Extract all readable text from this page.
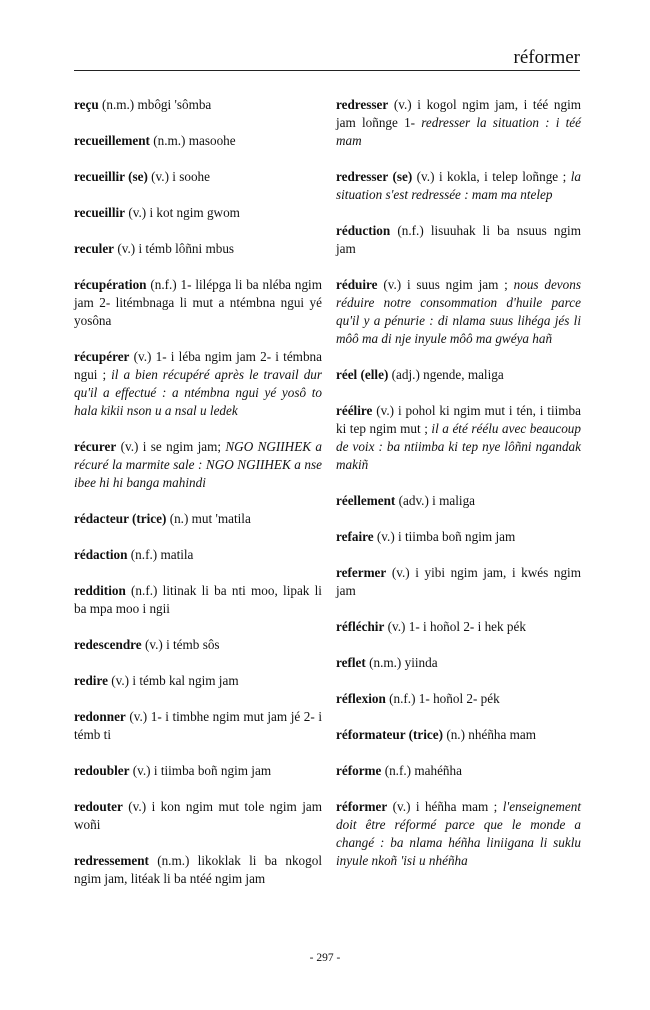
réformer

reçu (n.m.) mbôgi 'sômba

recueillement (n.m.) masoohe

recueillir (se) (v.) i soohe

recueillir (v.) i kot ngim gwom

reculer (v.) i témb lôñni mbus

récupération (n.f.) 1- lilépga li ba nléba ngim jam 2- litémbnaga li mut a ntémbna ngui yé yosôna

récupérer (v.) 1- i léba ngim jam 2- i témbna ngui ; il a bien récupéré après le travail dur qu'il a effectué : a ntémbna ngui yé yosô to hala kikii nson u a nsal u ledek

récurer (v.) i se ngim jam; NGO NGIIHEK a récuré la marmite sale : NGO NGIIHEK a nse ibee hi hi banga mahindi

rédacteur (trice) (n.) mut 'matila

rédaction (n.f.) matila

reddition (n.f.) litinak li ba nti moo, lipak li ba mpa moo i ngii

redescendre (v.) i témb sôs

redire (v.) i témb kal ngim jam

redonner (v.) 1- i timbhe ngim mut jam jé 2- i témb ti

redoubler (v.) i tiimba boñ ngim jam

redouter (v.) i kon ngim mut tole ngim jam woñi

redressement (n.m.) likoklak li ba nkogol ngim jam, litéak li ba ntéé ngim jam

redresser (v.) i kogol ngim jam, i téé ngim jam loñnge 1- redresser la situation : i téé mam

redresser (se) (v.) i kokla, i telep loñnge ; la situation s'est redressée : mam ma ntelep

réduction (n.f.) lisuuhak li ba nsuus ngim jam

réduire (v.) i suus ngim jam ; nous devons réduire notre consommation d'huile parce qu'il y a pénurie : di nlama suus lihéga jés li môô ma di nje inyule môô ma gwéya hañ

réel (elle) (adj.) ngende, maliga

réélire (v.) i pohol ki ngim mut i tén, i tiimba ki tep ngim mut ; il a été réélu avec beaucoup de voix : ba ntiimba ki tep nye lôñni ngandak makiñ

réellement (adv.) i maliga

refaire (v.) i tiimba boñ ngim jam

refermer (v.) i yibi ngim jam, i kwés ngim jam

réfléchir (v.) 1- i hoñol 2- i hek pék

reflet (n.m.) yiinda

réflexion (n.f.) 1- hoñol 2- pék

réformateur (trice) (n.) nhéñha mam

réforme (n.f.) mahéñha

réformer (v.) i héñha mam ; l'enseignement doit être réformé parce que le monde a changé : ba nlama héñha liniigana li suklu inyule nkoñ 'isi u nhéñha

- 297 -
